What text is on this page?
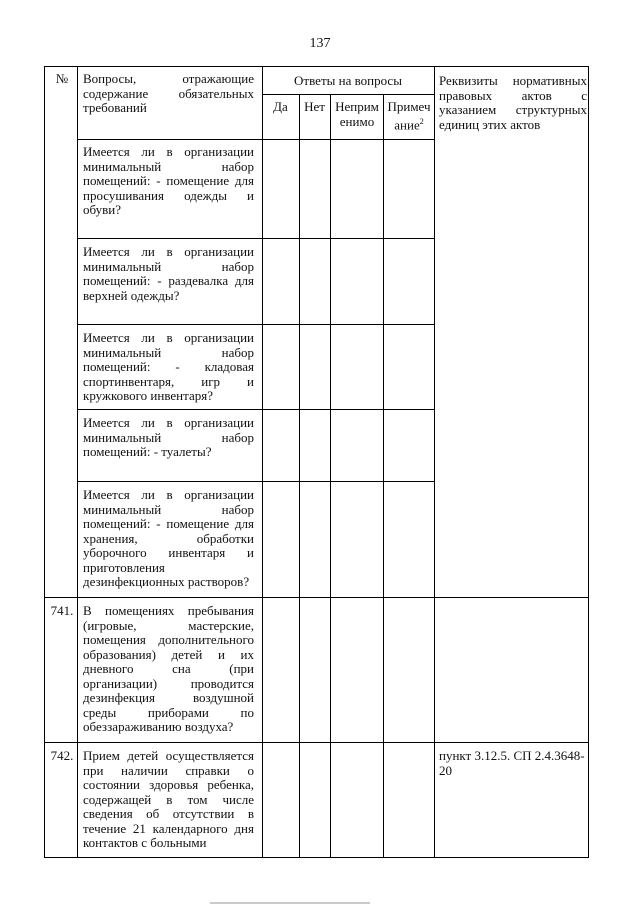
137
№	Вопросы, отражающие содержание обязательных требований
Ответы на вопросы
Да	Нет Неприменимо
Примечание$^2$
Реквизиты нормативных правовых актов с указанием структурных единиц этих актов
Имеется ли в организации минимальный набор помещений: - помещение для просушивания одежды и обуви?
Имеется ли в организации минимальный набор помещений: - раздевалка для верхней одежды?
Имеется ли в организации минимальный набор помещений: - кладовая спортинвентаря, игр и кружкового инвентаря?
Имеется ли в организации минимальный набор помещений: - туалеты?
Имеется ли в организации минимальный набор помещений: - помещение для хранения, обработки уборочного инвентаря и приготовления дезинфекционных растворов?
741. В помещениях пребывания (игровые, мастерские, помещения дополнительного образования) детей и их дневного сна (при организации) проводится дезинфекция воздушной среды приборами по обеззараживанию воздуха?
742. Прием детей осуществляется при наличии справки о состоянии здоровья ребенка, содержащей в том числе сведения об отсутствии в течение 21 календарного дня контактов с больными
пункт 3.12.5. СП 2.4.3648-20
